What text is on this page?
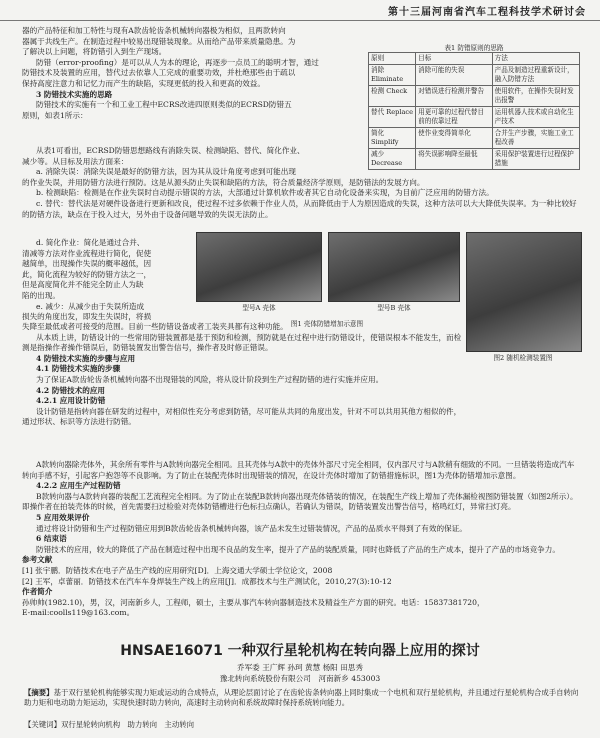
第十三届河南省汽车工程科技学术研讨会

器的产品特征和加工特性与现有A款齿轮齿条机械转向器极为相似，且两款转向

器属于共线生产。在制造过程中较易出现错装现象。从而给产品带来质量隐患。为

了解决以上问题，将防错引入到生产现场。

防错（error-proofing）是可以从人为本的理论，再逐步一点员工的聪明才智，通过

防错技术及装置的应用，替代过去依靠人工完成的重要功效，并杜绝那些由于疏以

保持高度注意力和记忆力而产生的缺陷，实现更低的投入和更高的效益。

3 防错技术实施的思路

防错技术的实施有一个和工业工程中ECRS改进四原则类似的ECRSD防错五

原则，如表1所示：

表1 防错原则的思路
原则	目标	方法
消除 Eliminate	消除可能的失误	产品及制造过程重新设计，融入防错方法
检测 Check	对错误进行检测并警告	使用软件，在操作失误时发出报警
替代 Replace	用更可靠的过程代替目前的依靠过程	运用机器人技术或自动化生产技术
简化 Simplify	使作业变得简单化	合并生产步骤，实施工业工程改善
减少 Decrease	将失误影响降至最低	采用保护装置进行过程保护措施

从表1可看出，ECRSD防错思想路线有消除失误、检测缺陷、替代、简化作业、

减少等。从目标及用法方面来：

a. 消除失误：消除失误是最好的防错方法，因为其从设计角度考虑到可能出现

的作业失误，并用防错方法进行预防。这是从源头防止失误和缺陷的方法，符合质量经济学原则，是防错法的发展方向。

b. 检测缺陷：检测是在作业失误时自动提示错误的方法，大部通过计算机软件或者其它自动化设备来实现，为目前广泛应用的防错方法。

c. 替代：替代法是对硬件设备进行更新和改良，使过程不过多依赖于作业人员，从而降低由于人为原因造成的失误，这种方法可以大大降低失误率。为一种比较好的防错方法，缺点在于投入过大，另外由于设备问题导致的失误无法防止。

d. 简化作业：简化是通过合并、

清减等方法对作业流程进行简化，促使

越简单，出现操作失误的概率越低，因

此，简化流程为较好的防错方法之一，

但是高度简化并不能完全防止人为缺

陷的出现。

e. 减少：从减少由于失误所造成

损失的角度出发，即发生失误时，将损

型号A 壳体	型号B 壳体
图1 壳体防错增加示意图
图2 随机检测装置图

失降至最低或者可接受的范围。目前一些防错设备或者工装夹具都有这种功能。

从本质上讲，防错设计的一些常用防错装置都是基于预防和检测，预防就是在过程中进行防错设计，使错误根本不能发生，而检测是指操作者操作错误后，防错装置发出警告信号，操作者及时修正错误。

4 防错技术实施的步骤与应用

4.1 防错技术实施的步骤

为了保证A款齿轮齿条机械转向器不出现错装的风险，将从设计阶段到生产过程防错的进行实施并应用。

4.2 防错技术的应用

4.2.1 应用设计防错

设计防错是指转向器在研发的过程中，对相似性充分考虑到防错，尽可能从共同的角度出发，针对不可以共用其他方相似的件，通过形状、标识等方法进行防错。

A款转向器除壳体外，其余所有零件与A款转向器完全相同。且其壳体与A款中的壳体外部尺寸完全相同，仅内部尺寸与A款稍有细致的不同。一旦错装将造成汽车转向手感不好，引起客户抱怨等不良影响。为了防止在装配壳体时出现错装的情况，在设计壳体时增加了防错措施标识，图1为壳体防错增加示意图。

4.2.2 应用生产过程防错

B款转向器与A款转向器的装配工艺流程完全相同。为了防止在装配B款转向器出现壳体错装的情况，在装配生产线上增加了壳体漏检视图防错装置（如图2所示）。即操作者在拍装壳体的时候，首先需要扫过检验对壳体防错槽进行色标扫点确认，若确认为错误，防错装置发出警告信号，格鸣红灯，异常扫灯亮。

5 应用效果评价

通过将设计防错和生产过程防错应用到B款齿轮齿条机械转向器，该产品未发生过错装情况，产品的品质水平得到了有效的保证。

6 结束语

防错技术的应用，较大的降低了产品在制造过程中出现不良品的发生率，提升了产品的装配质量，同时也降低了产品的生产成本，提升了产品的市场竞争力。

参考文献

[1] 张宇鹏．防错技术在电子产品生产线的应用研究[D]．上海交通大学硕士学位论文，2008

[2] 王军，卓蕾丽．防错技术在汽车车身焊装生产线上的应用[J]．成都技术与生产测试化，2010,27(3):10-12

作者简介

孙帅帅(1982.10)，男，汉，河南新乡人，工程师，硕士，主要从事汽车转向器制造技术及精益生产方面的研究。电话：15837381720，

E-mail:coolls119@163.com。

HNSAE16071 一种双行星轮机构在转向器上应用的探讨
乔军委 王广辉 孙珂 黄慧 杨阳 田思秀
豫北转向系统股份有限公司　河南新乡 453003
【摘要】基于双行星轮机构能够实现力矩或运动的合成特点，从理论层面讨论了在齿轮齿条转向器上同时集成一个电机和双行星轮机构，并且通过行星轮机构合成手自转向助力矩和电动助力矩运动，实现快速时助力转向，高速时主动转向和系统故障时保持系统转向能力。
【关键词】双行星轮转向机构　助力转向　主动转向
